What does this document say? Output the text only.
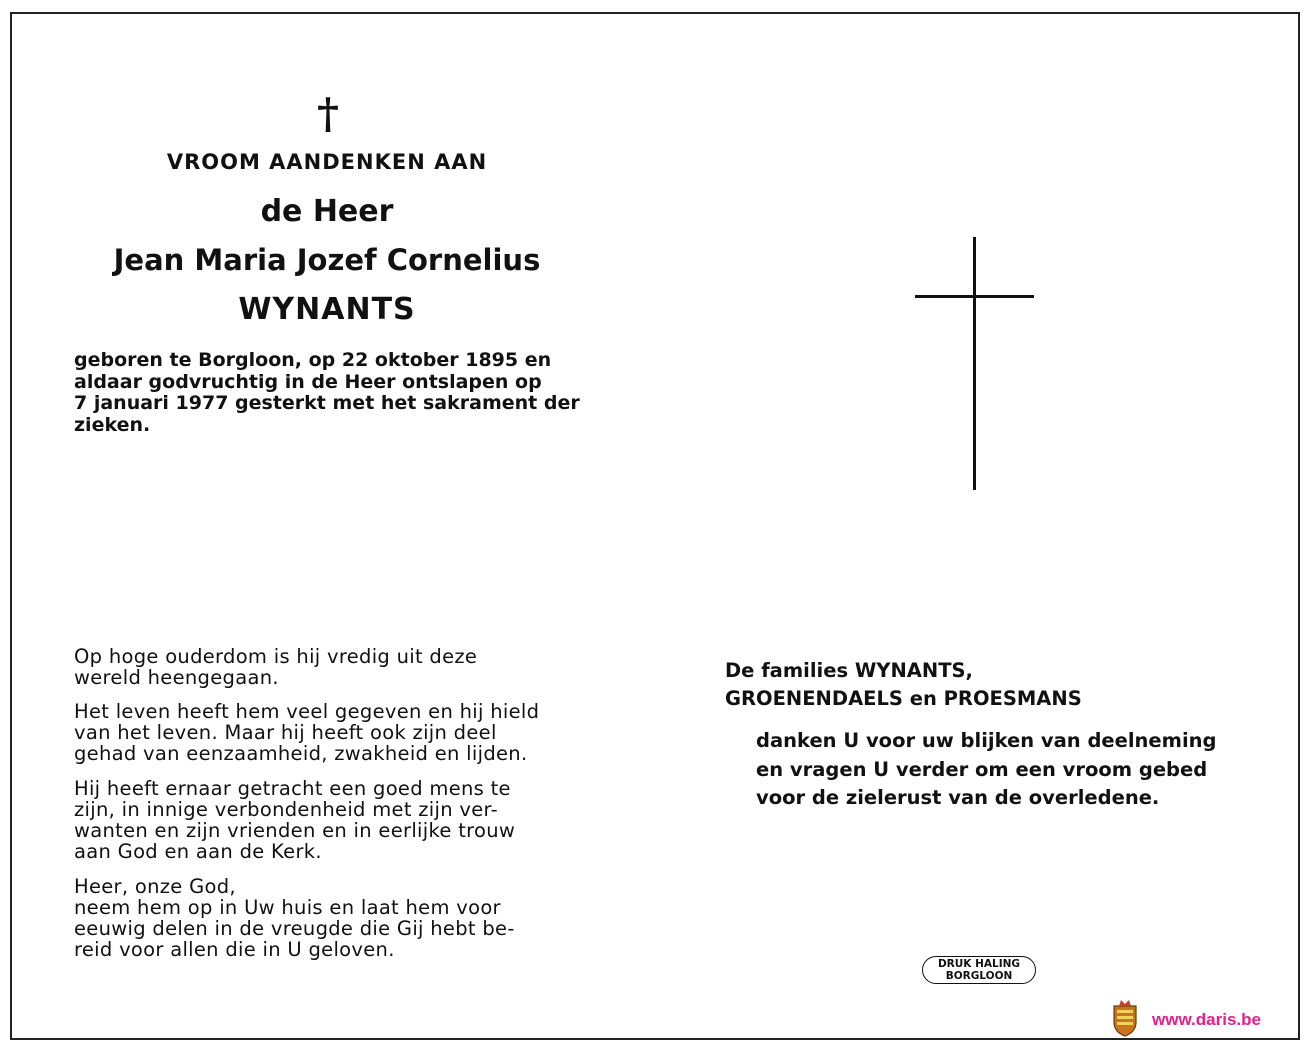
†
VROOM AANDENKEN AAN
de Heer
Jean Maria Jozef Cornelius
WYNANTS
geboren te Borgloon, op 22 oktober 1895 en
aldaar godvruchtig in de Heer ontslapen op
7 januari 1977 gesterkt met het sakrament der
zieken.
Op hoge ouderdom is hij vredig uit deze
wereld heengegaan.
Het leven heeft hem veel gegeven en hij hield
van het leven. Maar hij heeft ook zijn deel
gehad van eenzaamheid, zwakheid en lijden.
Hij heeft ernaar getracht een goed mens te
zijn, in innige verbondenheid met zijn ver-
wanten en zijn vrienden en in eerlijke trouw
aan God en aan de Kerk.
Heer, onze God,
neem hem op in Uw huis en laat hem voor
eeuwig delen in de vreugde die Gij hebt be-
reid voor allen die in U geloven.
De families WYNANTS,
GROENENDAELS en PROESMANS
danken U voor uw blijken van deelneming
en vragen U verder om een vroom gebed
voor de zielerust van de overledene.
DRUK HALING
BORGLOON
www.daris.be
